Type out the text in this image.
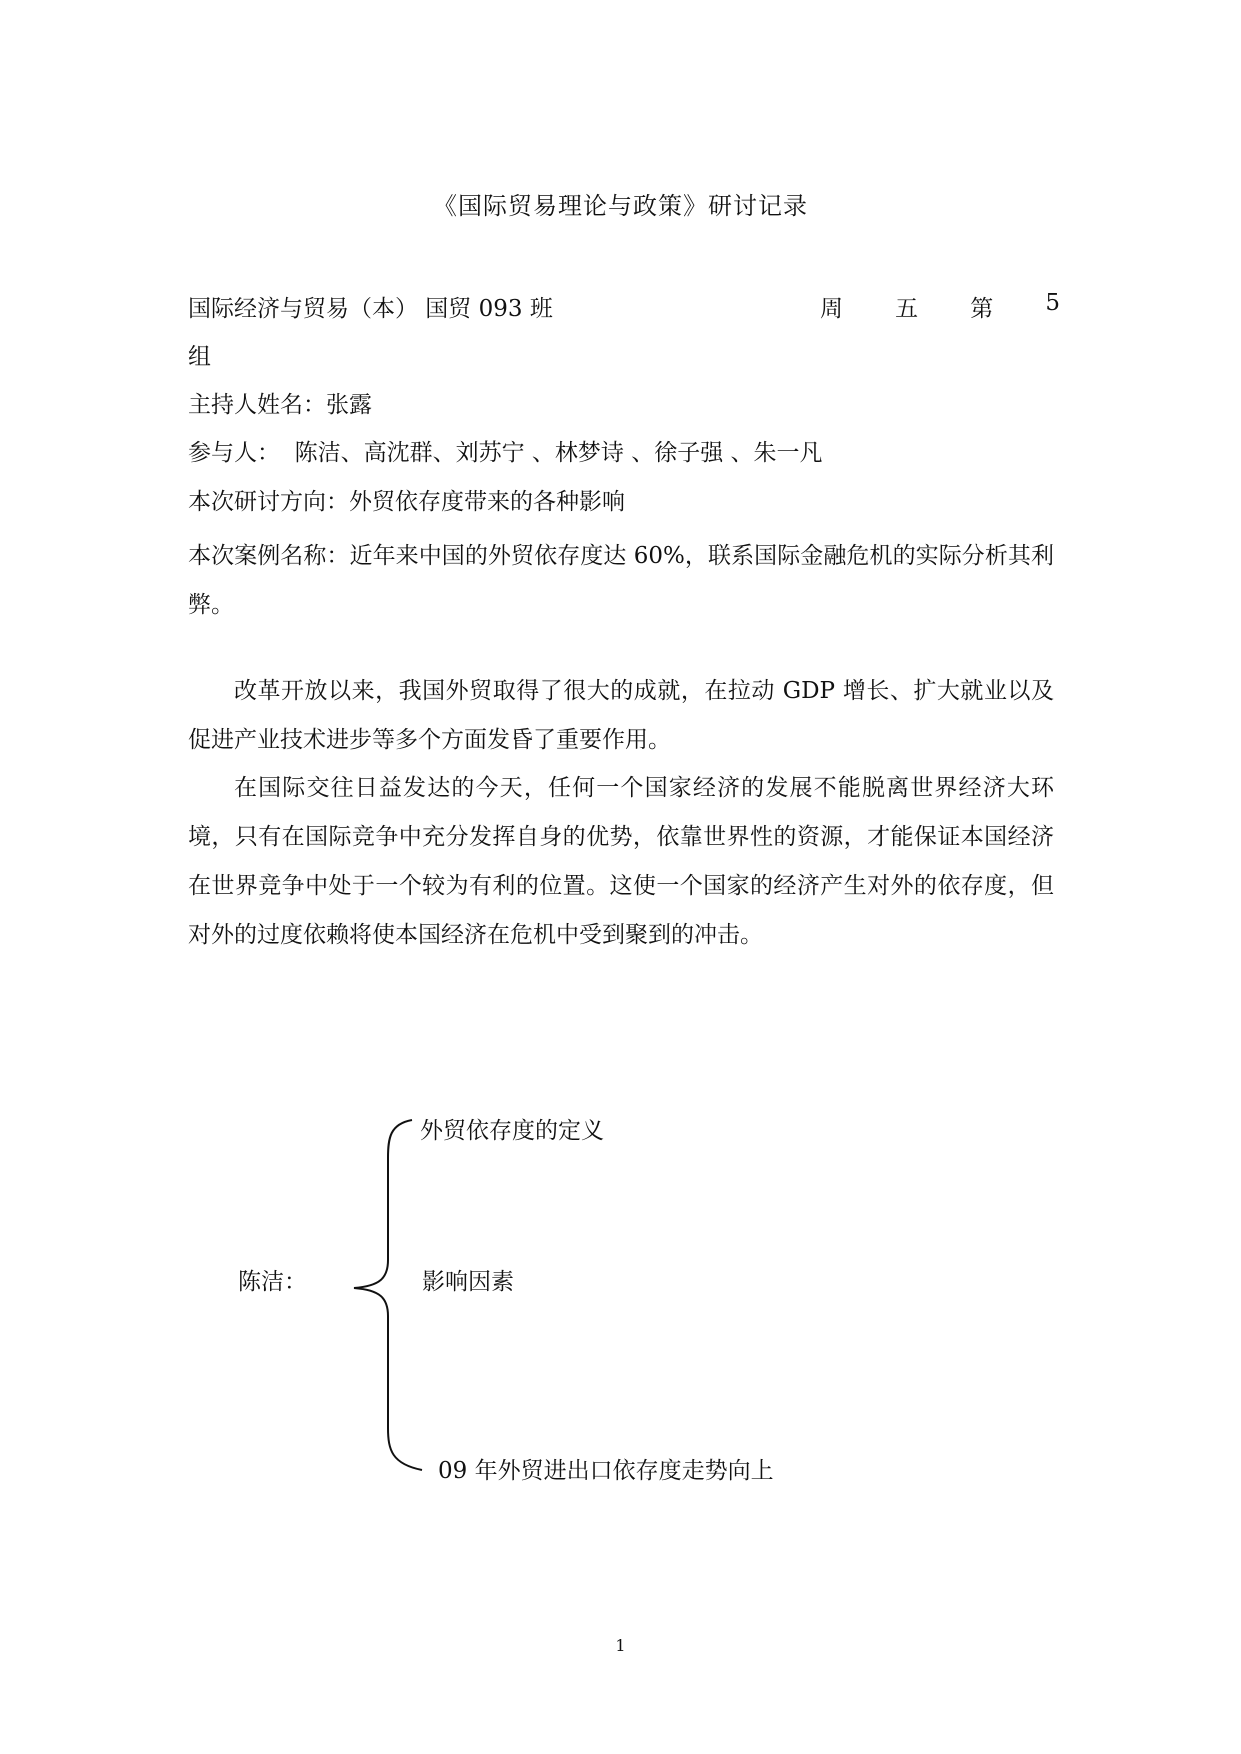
《国际贸易理论与政策》研讨记录
国际经济与贸易（本） 国贸 093 班	周 五 第 5
组
主持人姓名：张露
参与人：  陈洁、高沈群、刘苏宁 、林梦诗 、徐子强 、朱一凡
本次研讨方向：外贸依存度带来的各种影响
本次案例名称：近年来中国的外贸依存度达 60%，联系国际金融危机的实际分析其利弊。
改革开放以来，我国外贸取得了很大的成就，在拉动 GDP 增长、扩大就业以及促进产业技术进步等多个方面发昏了重要作用。
在国际交往日益发达的今天，任何一个国家经济的发展不能脱离世界经济大环境，只有在国际竞争中充分发挥自身的优势，依靠世界性的资源，才能保证本国经济在世界竞争中处于一个较为有利的位置。这使一个国家的经济产生对外的依存度，但对外的过度依赖将使本国经济在危机中受到聚到的冲击。
陈洁：
外贸依存度的定义
影响因素
09 年外贸进出口依存度走势向上
1
